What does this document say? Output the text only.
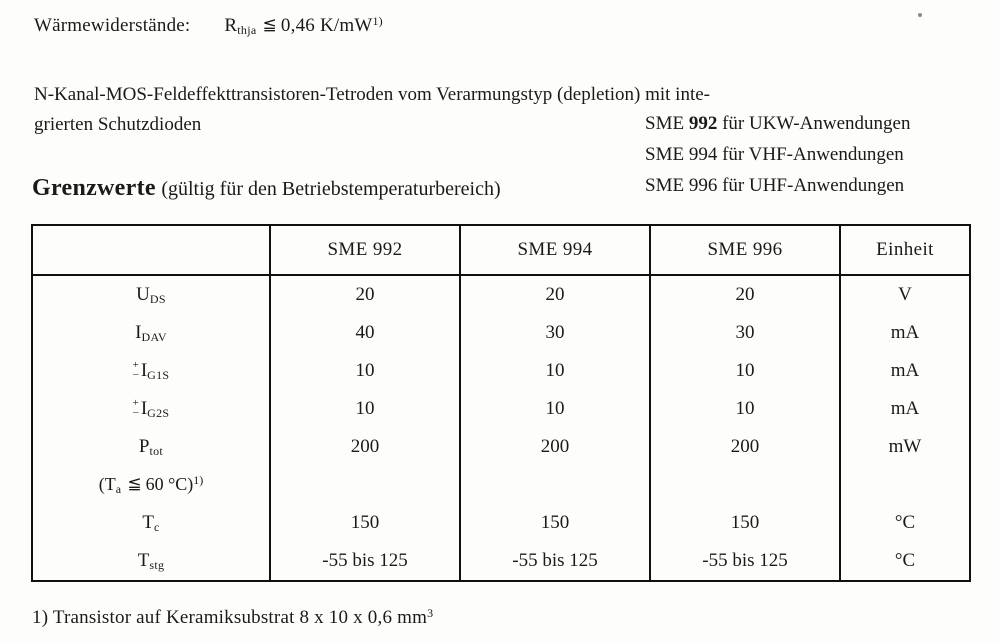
Wärmewiderstände: $R_{thja}$ ≦ 0,46 $K/mW^{1)}$
N-Kanal-MOS-Feldeffekttransistoren-Tetroden vom Verarmungstyp (depletion) mit inte-
grierten Schutzdioden	SME 992 für UKW-Anwendungen
SME 994 für VHF-Anwendungen
SME 996 für UHF-Anwendungen
Grenzwerte (gültig für den Betriebstemperaturbereich)
	SME 992	SME 994	SME 996	Einheit
$U_{DS}$	20	20	20	V
$I_{DAV}$	40	30	30	mA

+
– $I_{G1S}$	10	10	10	mA

+
– $I_{G2S}$	10	10	10	mA
$P_{tot}$	200	200	200	mW
($T_a$ ≦ 60 °C)$^{1)}$				
$T_c$	150	150	150	°C
$T_{stg}$	-55 bis 125	-55 bis 125	-55 bis 125	°C
1) Transistor auf Keramiksubstrat 8 x 10 x 0,6 $mm^3$
